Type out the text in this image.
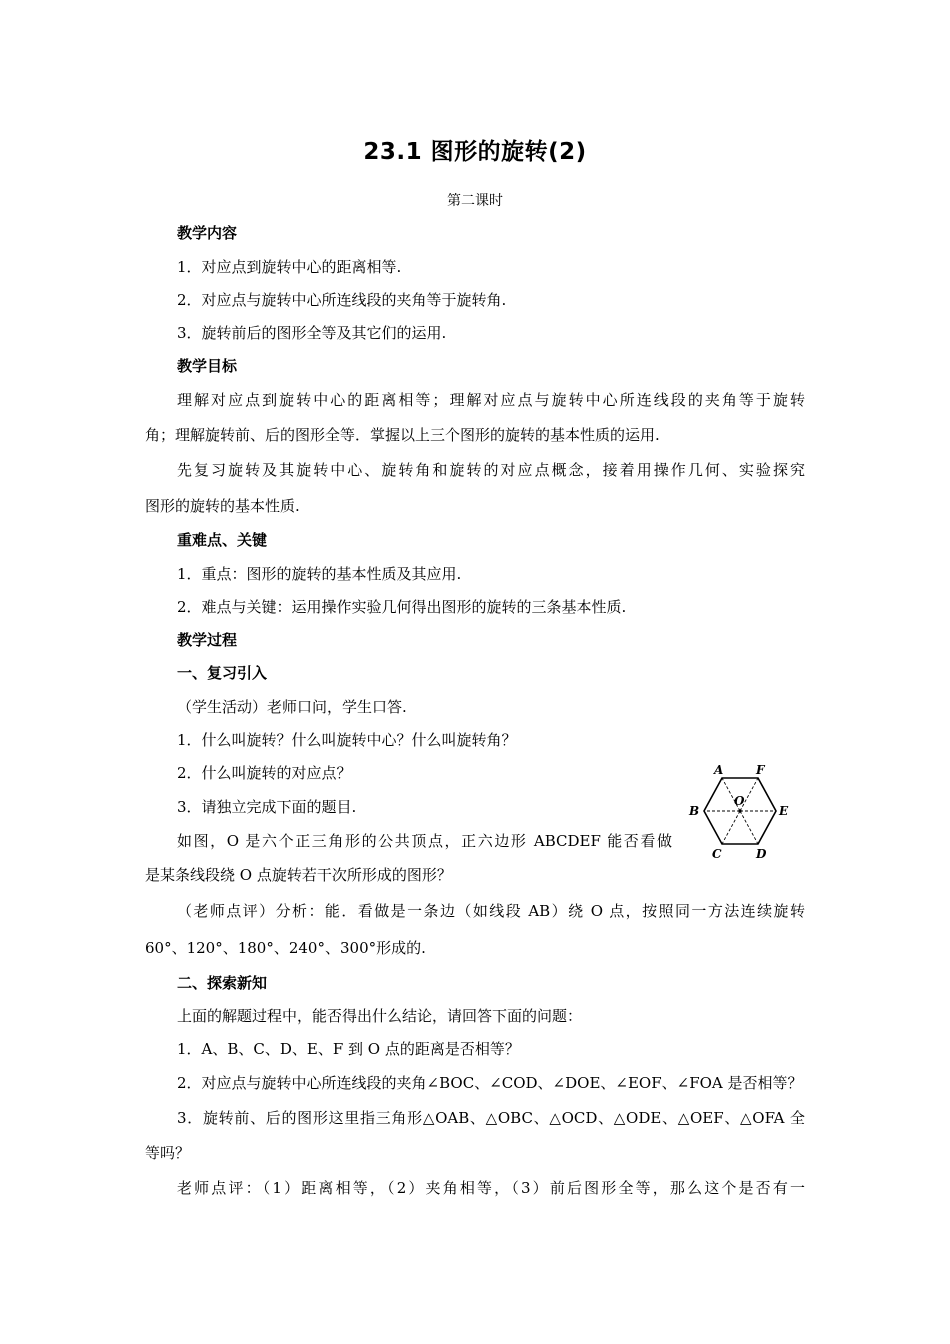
23.1 图形的旋转(2)
第二课时
教学内容
1．对应点到旋转中心的距离相等.
2．对应点与旋转中心所连线段的夹角等于旋转角.
3．旋转前后的图形全等及其它们的运用.
教学目标
理解对应点到旋转中心的距离相等；理解对应点与旋转中心所连线段的夹角等于旋转
角；理解旋转前、后的图形全等．掌握以上三个图形的旋转的基本性质的运用.
先复习旋转及其旋转中心、旋转角和旋转的对应点概念，接着用操作几何、实验探究
图形的旋转的基本性质.
重难点、关键
1．重点：图形的旋转的基本性质及其应用.
2．难点与关键：运用操作实验几何得出图形的旋转的三条基本性质.
教学过程
一、复习引入
（学生活动）老师口问，学生口答.
1．什么叫旋转？什么叫旋转中心？什么叫旋转角？
2．什么叫旋转的对应点？
3．请独立完成下面的题目.
如图，O 是六个正三角形的公共顶点，正六边形 ABCDEF 能否看做
是某条线段绕 O 点旋转若干次所形成的图形？
（老师点评）分析：能．看做是一条边（如线段 AB）绕 O 点，按照同一方法连续旋转
60°、120°、180°、240°、300°形成的.
二、探索新知
上面的解题过程中，能否得出什么结论，请回答下面的问题：
1．A、B、C、D、E、F 到 O 点的距离是否相等？
2．对应点与旋转中心所连线段的夹角∠BOC、∠COD、∠DOE、∠EOF、∠FOA 是否相等？
3．旋转前、后的图形这里指三角形△OAB、△OBC、△OCD、△ODE、△OEF、△OFA 全
等吗？
老师点评：（1）距离相等，（2）夹角相等，（3）前后图形全等，那么这个是否有一
A	F
B	E
C	D
O
